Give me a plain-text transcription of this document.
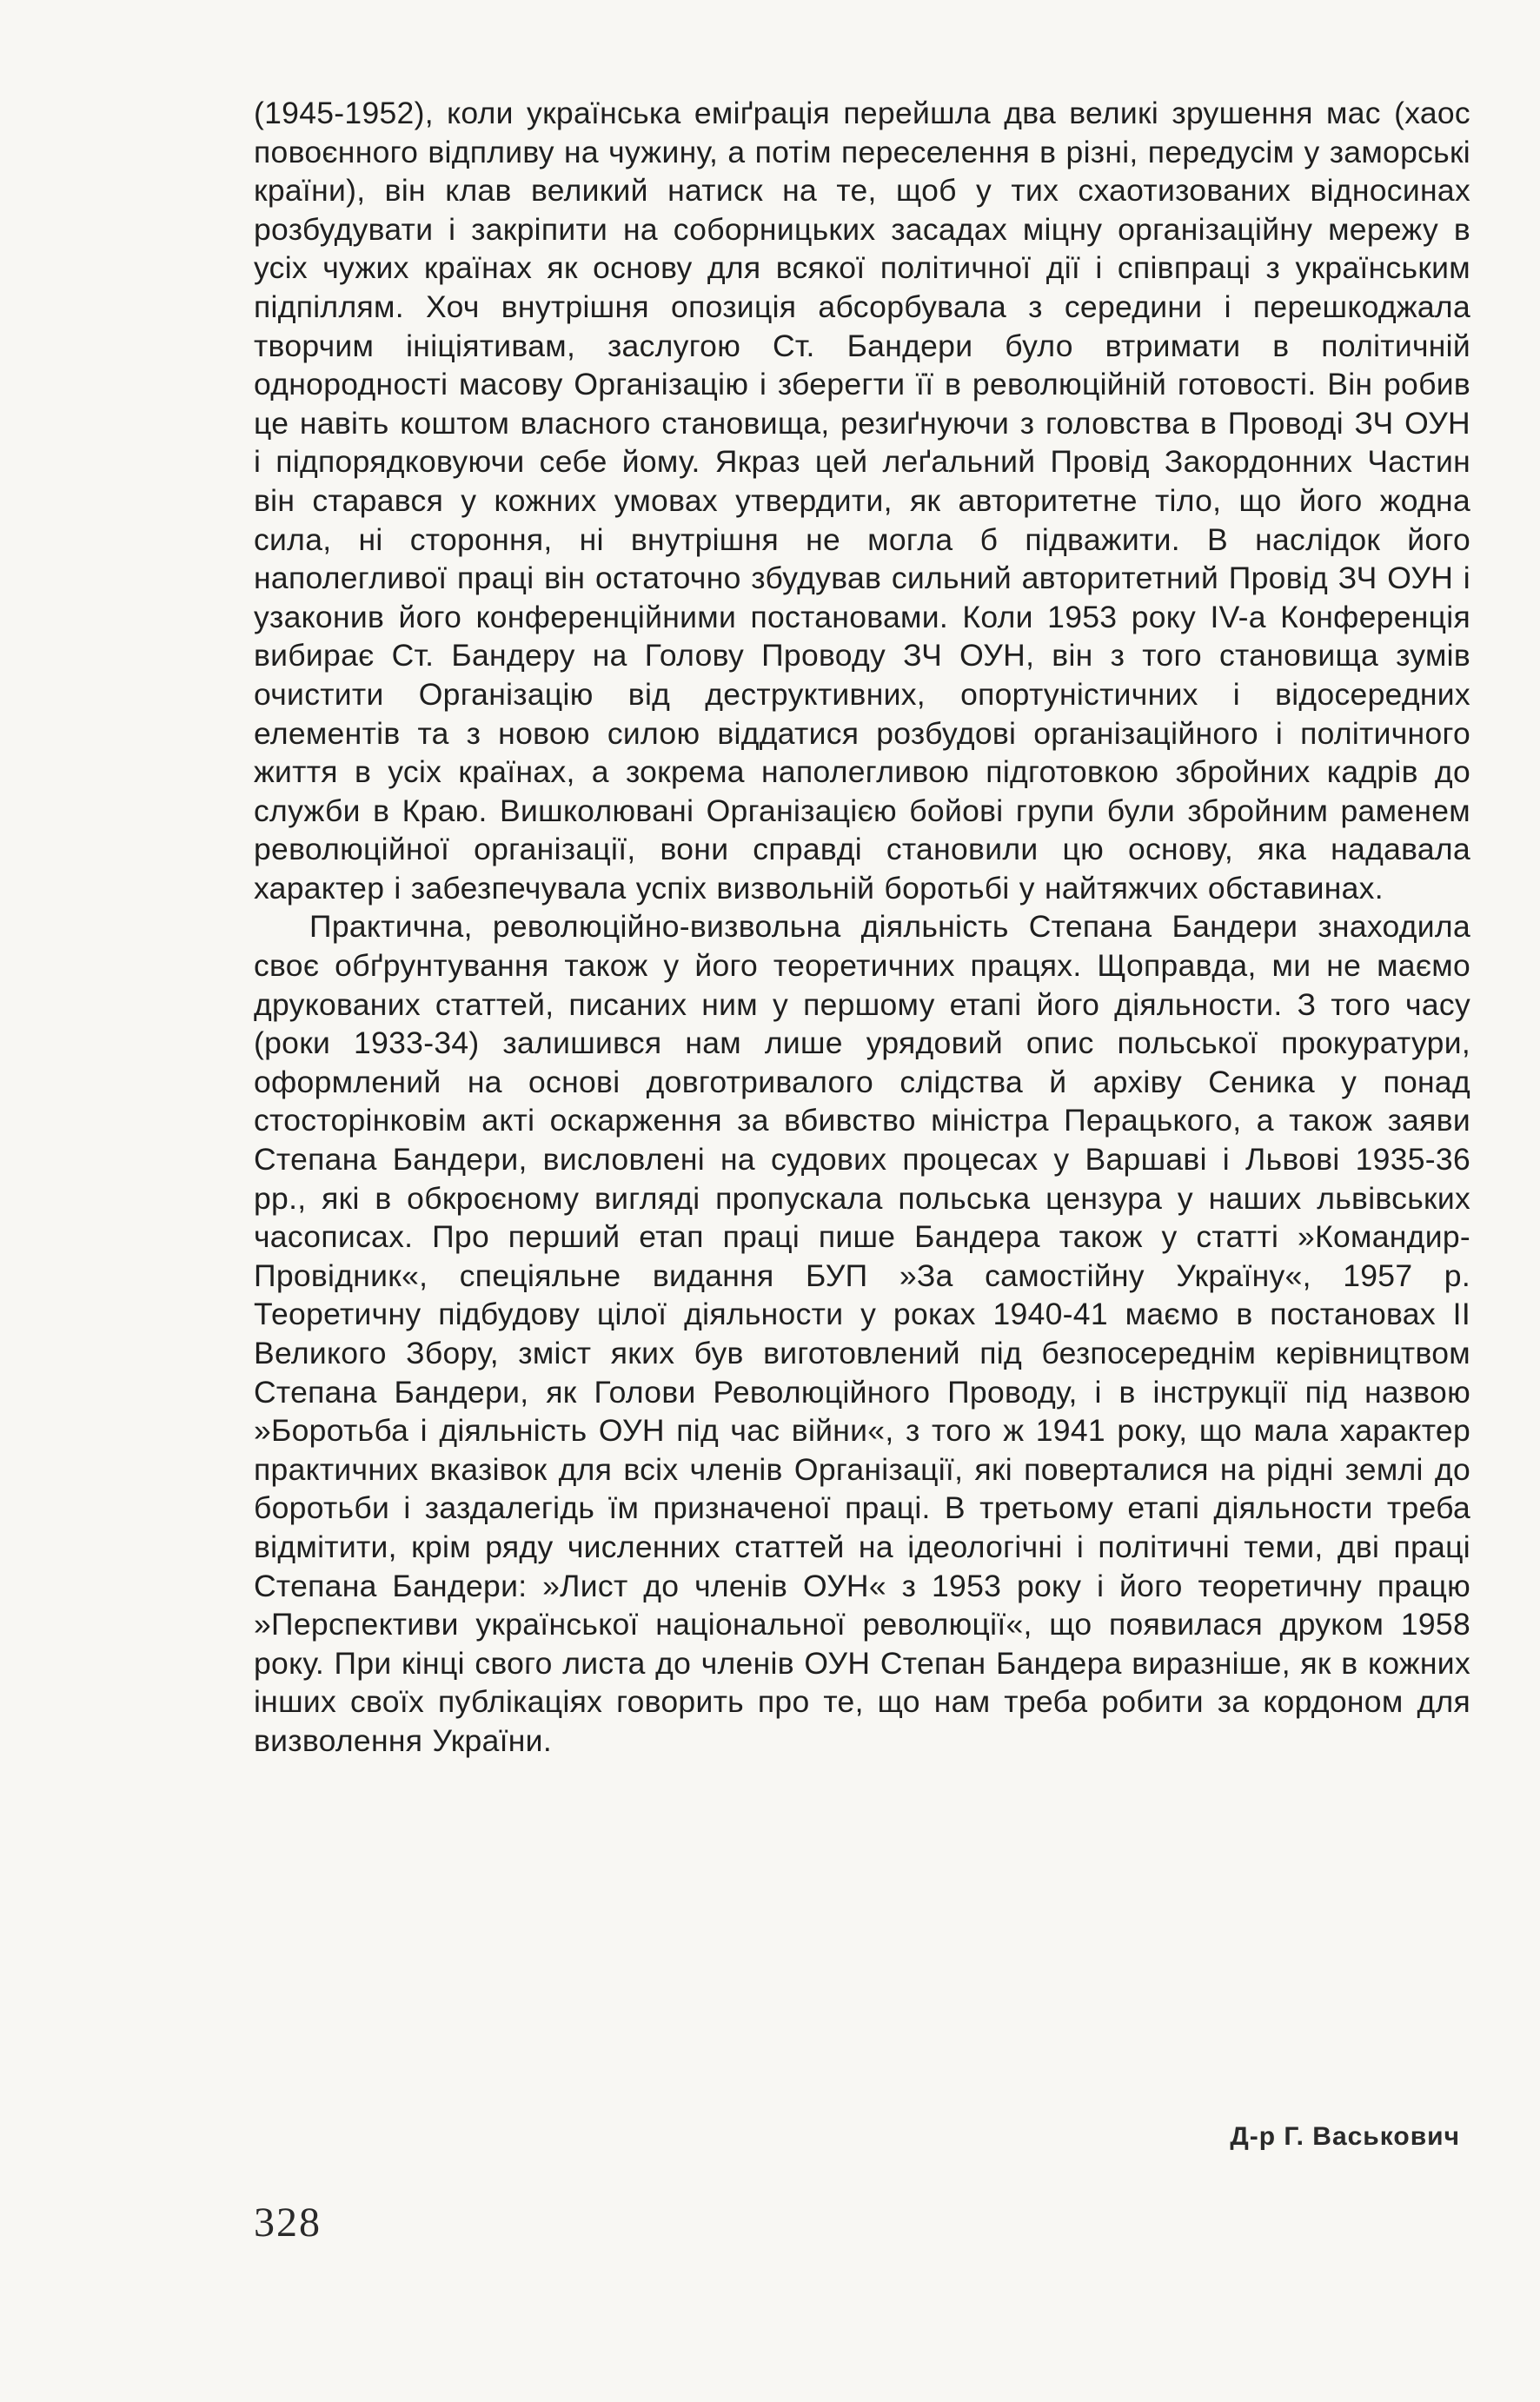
(1945-1952), коли українська еміґрація перейшла два великі зрушення мас (хаос повоєнного відпливу на чужину, а потім переселення в різні, передусім у заморські країни), він клав великий натиск на те, щоб у тих схаотизованих відносинах розбудувати і закріпити на соборницьких засадах міцну організаційну мережу в усіх чужих країнах як основу для всякої політичної дії і співпраці з українським підпіллям. Хоч внутрішня опозиція абсорбувала з середини і перешкоджала творчим ініціятивам, заслугою Ст. Бандери було втримати в політичній однородності масову Організацію і зберегти її в революційній готовості. Він робив це навіть коштом власного становища, резиґнуючи з головства в Проводі ЗЧ ОУН і підпорядковуючи себе йому. Якраз цей леґальний Провід Закордонних Частин він старався у кожних умовах утвердити, як авторитетне тіло, що його жодна сила, ні стороння, ні внутрішня не могла б підважити. В наслідок його наполегливої праці він остаточно збудував сильний авторитетний Провід ЗЧ ОУН і узаконив його конференційними постановами. Коли 1953 року IV-а Конференція вибирає Ст. Бандеру на Голову Проводу ЗЧ ОУН, він з того становища зумів очистити Організацію від деструктивних, опортуністичних і відосередних елементів та з новою силою віддатися розбудові організаційного і політичного життя в усіх країнах, а зокрема наполегливою підготовкою збройних кадрів до служби в Краю. Вишколювані Організацією бойові групи були збройним раменем революційної організації, вони справді становили цю основу, яка надавала характер і забезпечувала успіх визвольній боротьбі у найтяжчих обставинах.

Практична, революційно-визвольна діяльність Степана Бандери знаходила своє обґрунтування також у його теоретичних працях. Щоправда, ми не маємо друкованих статтей, писаних ним у першому етапі його діяльности. З того часу (роки 1933-34) залишився нам лише урядовий опис польської прокуратури, оформлений на основі довготривалого слідства й архіву Сеника у понад стосторінковім акті оскарження за вбивство міністра Перацького, а також заяви Степана Бандери, висловлені на судових процесах у Варшаві і Львові 1935-36 рр., які в обкроєному вигляді пропускала польська цензура у наших львівських часописах. Про перший етап праці пише Бандера також у статті »Командир-Провідник«, спеціяльне видання БУП »За самостійну Україну«, 1957 р. Теоретичну підбудову цілої діяльности у роках 1940-41 маємо в постановах II Великого Збору, зміст яких був виготовлений під безпосереднім керівництвом Степана Бандери, як Голови Революційного Проводу, і в інструкції під назвою »Боротьба і діяльність ОУН під час війни«, з того ж 1941 року, що мала характер практичних вказівок для всіх членів Організації, які поверталися на рідні землі до боротьби і заздалегідь їм призначеної праці. В третьому етапі діяльности треба відмітити, крім ряду численних статтей на ідеологічні і політичні теми, дві праці Степана Бандери: »Лист до членів ОУН« з 1953 року і його теоретичну працю »Перспективи української національної революції«, що появилася друком 1958 року. При кінці свого листа до членів ОУН Степан Бандера виразніше, як в кожних інших своїх публікаціях говорить про те, що нам треба робити за кордоном для визволення України.

Д-р Г. Васькович
328
